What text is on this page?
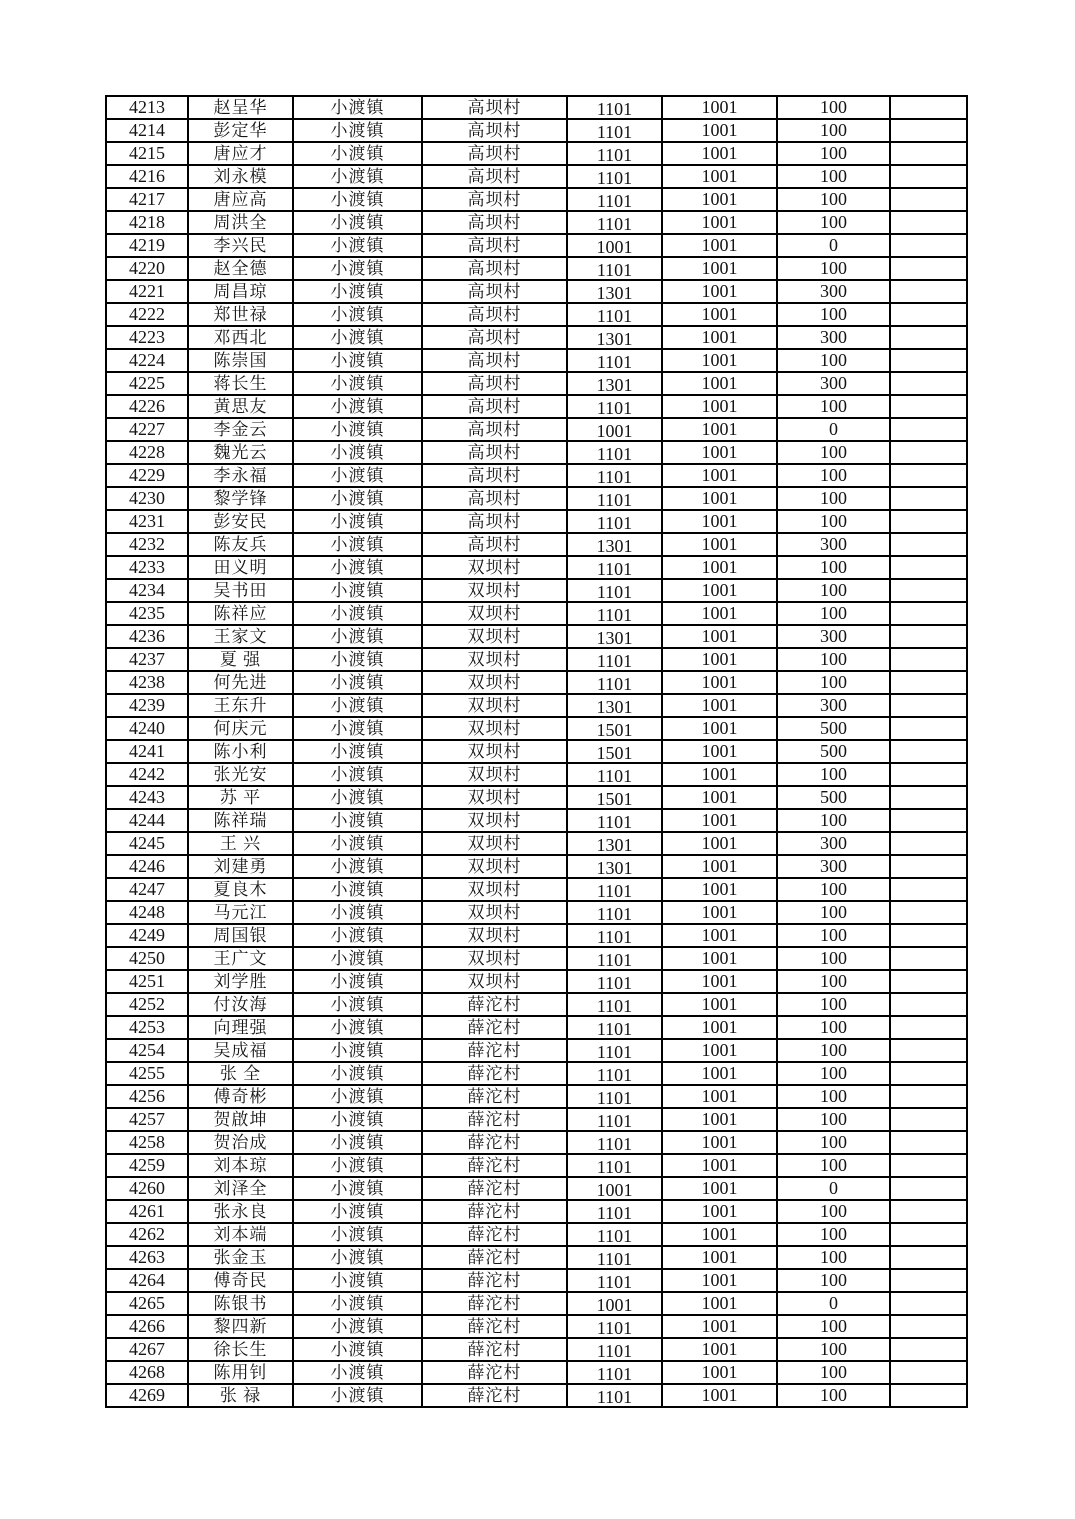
4213	赵呈华	小渡镇	高坝村	1101	1001	100	
4214	彭定华	小渡镇	高坝村	1101	1001	100	
4215	唐应才	小渡镇	高坝村	1101	1001	100	
4216	刘永模	小渡镇	高坝村	1101	1001	100	
4217	唐应高	小渡镇	高坝村	1101	1001	100	
4218	周洪全	小渡镇	高坝村	1101	1001	100	
4219	李兴民	小渡镇	高坝村	1001	1001	0	
4220	赵全德	小渡镇	高坝村	1101	1001	100	
4221	周昌琼	小渡镇	高坝村	1301	1001	300	
4222	郑世禄	小渡镇	高坝村	1101	1001	100	
4223	邓西北	小渡镇	高坝村	1301	1001	300	
4224	陈崇国	小渡镇	高坝村	1101	1001	100	
4225	蒋长生	小渡镇	高坝村	1301	1001	300	
4226	黄思友	小渡镇	高坝村	1101	1001	100	
4227	李金云	小渡镇	高坝村	1001	1001	0	
4228	魏光云	小渡镇	高坝村	1101	1001	100	
4229	李永福	小渡镇	高坝村	1101	1001	100	
4230	黎学锋	小渡镇	高坝村	1101	1001	100	
4231	彭安民	小渡镇	高坝村	1101	1001	100	
4232	陈友兵	小渡镇	高坝村	1301	1001	300	
4233	田义明	小渡镇	双坝村	1101	1001	100	
4234	吴书田	小渡镇	双坝村	1101	1001	100	
4235	陈祥应	小渡镇	双坝村	1101	1001	100	
4236	王家文	小渡镇	双坝村	1301	1001	300	
4237	夏 强	小渡镇	双坝村	1101	1001	100	
4238	何先进	小渡镇	双坝村	1101	1001	100	
4239	王东升	小渡镇	双坝村	1301	1001	300	
4240	何庆元	小渡镇	双坝村	1501	1001	500	
4241	陈小利	小渡镇	双坝村	1501	1001	500	
4242	张光安	小渡镇	双坝村	1101	1001	100	
4243	苏 平	小渡镇	双坝村	1501	1001	500	
4244	陈祥瑞	小渡镇	双坝村	1101	1001	100	
4245	王 兴	小渡镇	双坝村	1301	1001	300	
4246	刘建勇	小渡镇	双坝村	1301	1001	300	
4247	夏良木	小渡镇	双坝村	1101	1001	100	
4248	马元江	小渡镇	双坝村	1101	1001	100	
4249	周国银	小渡镇	双坝村	1101	1001	100	
4250	王广文	小渡镇	双坝村	1101	1001	100	
4251	刘学胜	小渡镇	双坝村	1101	1001	100	
4252	付汝海	小渡镇	薛沱村	1101	1001	100	
4253	向理强	小渡镇	薛沱村	1101	1001	100	
4254	吴成福	小渡镇	薛沱村	1101	1001	100	
4255	张 全	小渡镇	薛沱村	1101	1001	100	
4256	傅奇彬	小渡镇	薛沱村	1101	1001	100	
4257	贺啟坤	小渡镇	薛沱村	1101	1001	100	
4258	贺治成	小渡镇	薛沱村	1101	1001	100	
4259	刘本琼	小渡镇	薛沱村	1101	1001	100	
4260	刘泽全	小渡镇	薛沱村	1001	1001	0	
4261	张永良	小渡镇	薛沱村	1101	1001	100	
4262	刘本端	小渡镇	薛沱村	1101	1001	100	
4263	张金玉	小渡镇	薛沱村	1101	1001	100	
4264	傅奇民	小渡镇	薛沱村	1101	1001	100	
4265	陈银书	小渡镇	薛沱村	1001	1001	0	
4266	黎四新	小渡镇	薛沱村	1101	1001	100	
4267	徐长生	小渡镇	薛沱村	1101	1001	100	
4268	陈用钊	小渡镇	薛沱村	1101	1001	100	
4269	张 禄	小渡镇	薛沱村	1101	1001	100	
